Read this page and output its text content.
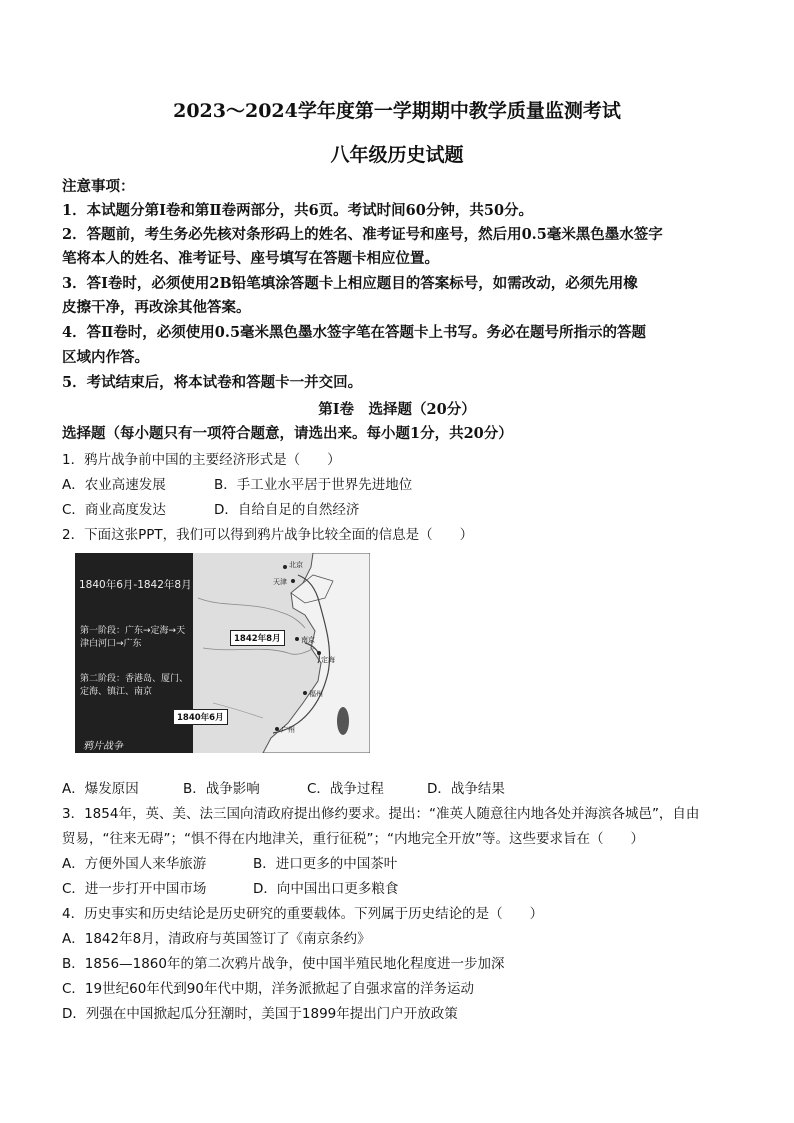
2023～2024学年度第一学期期中教学质量监测考试
八年级历史试题
注意事项：
1．本试题分第Ⅰ卷和第Ⅱ卷两部分，共6页。考试时间60分钟，共50分。
2．答题前，考生务必先核对条形码上的姓名、准考证号和座号，然后用0.5毫米黑色墨水签字
笔将本人的姓名、准考证号、座号填写在答题卡相应位置。
3．答Ⅰ卷时，必须使用2B铅笔填涂答题卡上相应题目的答案标号，如需改动，必须先用橡
皮擦干净，再改涂其他答案。
4．答Ⅱ卷时，必须使用0.5毫米黑色墨水签字笔在答题卡上书写。务必在题号所指示的答题
区域内作答。
5．考试结束后，将本试卷和答题卡一并交回。
第Ⅰ卷　选择题（20分）
选择题（每小题只有一项符合题意，请选出来。每小题1分，共20分）
1．鸦片战争前中国的主要经济形式是（　　）
A．农业高速发展	B．手工业水平居于世界先进地位
C．商业高度发达	D．自给自足的自然经济
2．下面这张PPT，我们可以得到鸦片战争比较全面的信息是（　　）
1840年6月-1842年8月
第一阶段：广东→定海→天津白河口→广东
第二阶段：香港岛、厦门、定海、镇江、南京
鸦片战争
北京
天津
南京
定海
福州
广州
1842年8月
1840年6月
A．爆发原因	B．战争影响	C．战争过程	D．战争结果
3．1854年，英、美、法三国向清政府提出修约要求。提出：“准英人随意往内地各处并海滨各城邑”，自由
贸易，“往来无碍”；“惧不得在内地津关，重行征税”；“内地完全开放”等。这些要求旨在（　　）
A．方便外国人来华旅游	B．进口更多的中国茶叶
C．进一步打开中国市场	D．向中国出口更多粮食
4．历史事实和历史结论是历史研究的重要载体。下列属于历史结论的是（　　）
A．1842年8月，清政府与英国签订了《南京条约》
B．1856—1860年的第二次鸦片战争，使中国半殖民地化程度进一步加深
C．19世纪60年代到90年代中期，洋务派掀起了自强求富的洋务运动
D．列强在中国掀起瓜分狂潮时，美国于1899年提出门户开放政策
